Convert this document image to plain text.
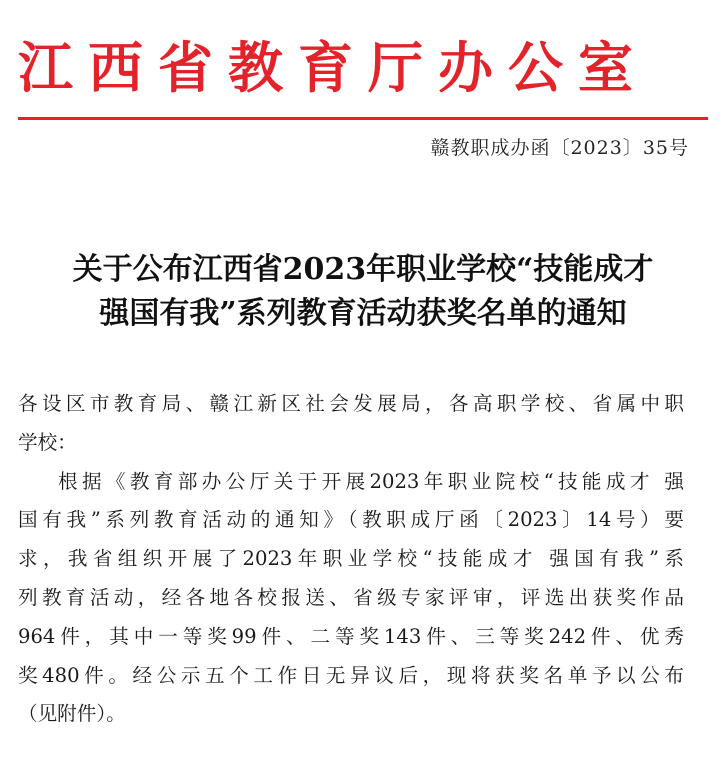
江西省教育厅办公室
赣教职成办函〔2023〕35号
关于公布江西省2023年职业学校“技能成才
强国有我”系列教育活动获奖名单的通知
各设区市教育局、赣江新区社会发展局，各高职学校、省属中职
学校：
根据《教育部办公厅关于开展2023年职业院校“技能成才 强
国有我”系列教育活动的通知》（教职成厅函〔2023〕14号）要
求，我省组织开展了2023年职业学校“技能成才 强国有我”系
列教育活动，经各地各校报送、省级专家评审，评选出获奖作品
964件，其中一等奖99件、二等奖143件、三等奖242件、优秀
奖480件。经公示五个工作日无异议后，现将获奖名单予以公布
（见附件）。
